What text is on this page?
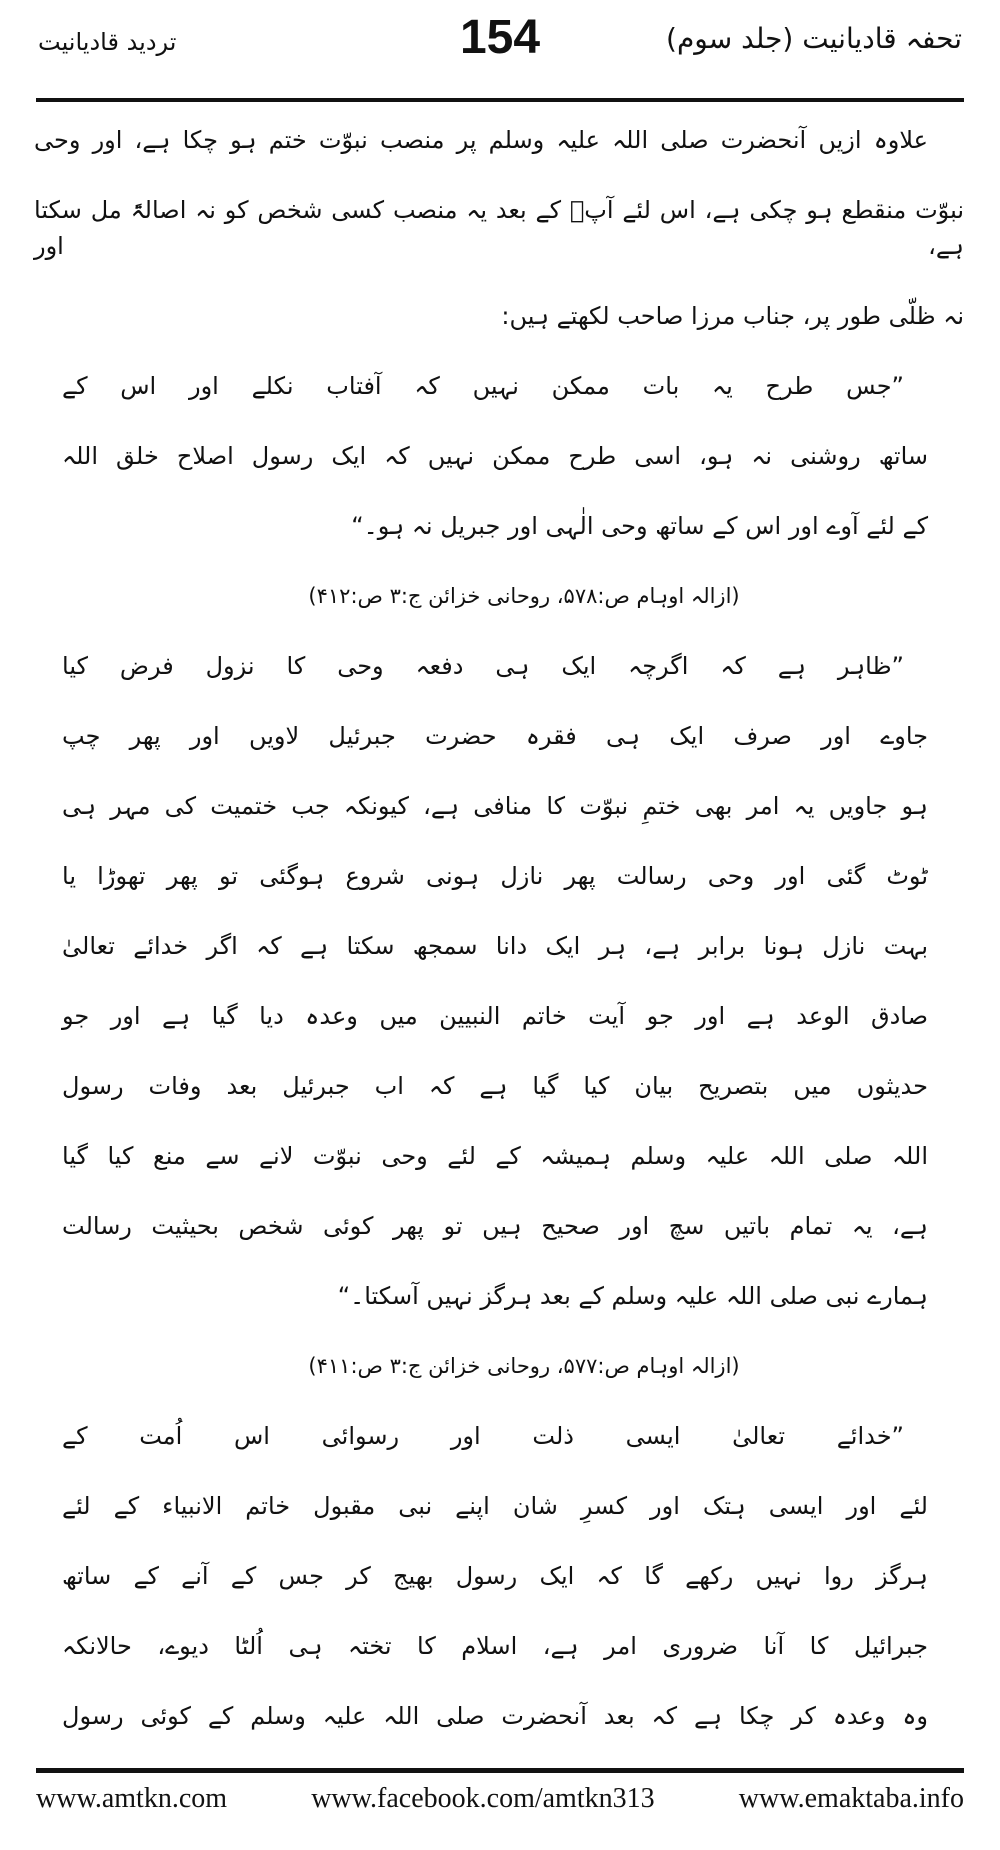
تحفہ قادیانیت (جلد سوم)
154
تردید قادیانیت
علاوہ ازیں آنحضرت صلی اللہ علیہ وسلم پر منصب نبوّت ختم ہو چکا ہے، اور وحی
نبوّت منقطع ہو چکی ہے، اس لئے آپؐ کے بعد یہ منصب کسی شخص کو نہ اصالۃً مل سکتا ہے، اور
نہ ظلّی طور پر، جناب مرزا صاحب لکھتے ہیں:
”جس طرح یہ بات ممکن نہیں کہ آفتاب نکلے اور اس کے
ساتھ روشنی نہ ہو، اسی طرح ممکن نہیں کہ ایک رسول اصلاح خلق اللہ
کے لئے آوے اور اس کے ساتھ وحی الٰہی اور جبریل نہ ہو۔“
(ازالہ اوہام ص:۵۷۸، روحانی خزائن ج:۳ ص:۴۱۲)
”ظاہر ہے کہ اگرچہ ایک ہی دفعہ وحی کا نزول فرض کیا
جاوے اور صرف ایک ہی فقرہ حضرت جبرئیل لاویں اور پھر چپ
ہو جاویں یہ امر بھی ختمِ نبوّت کا منافی ہے، کیونکہ جب ختمیت کی مہر ہی
ٹوٹ گئی اور وحی رسالت پھر نازل ہونی شروع ہوگئی تو پھر تھوڑا یا
بہت نازل ہونا برابر ہے، ہر ایک دانا سمجھ سکتا ہے کہ اگر خدائے تعالیٰ
صادق الوعد ہے اور جو آیت خاتم النبیین میں وعدہ دیا گیا ہے اور جو
حدیثوں میں بتصریح بیان کیا گیا ہے کہ اب جبرئیل بعد وفات رسول
اللہ صلی اللہ علیہ وسلم ہمیشہ کے لئے وحی نبوّت لانے سے منع کیا گیا
ہے، یہ تمام باتیں سچ اور صحیح ہیں تو پھر کوئی شخص بحیثیت رسالت
ہمارے نبی صلی اللہ علیہ وسلم کے بعد ہرگز نہیں آسکتا۔“
(ازالہ اوہام ص:۵۷۷، روحانی خزائن ج:۳ ص:۴۱۱)
”خدائے تعالیٰ ایسی ذلت اور رسوائی اس اُمت کے
لئے اور ایسی ہتک اور کسرِ شان اپنے نبی مقبول خاتم الانبیاء کے لئے
ہرگز روا نہیں رکھے گا کہ ایک رسول بھیج کر جس کے آنے کے ساتھ
جبرائیل کا آنا ضروری امر ہے، اسلام کا تختہ ہی اُلٹا دیوے، حالانکہ
وہ وعدہ کر چکا ہے کہ بعد آنحضرت صلی اللہ علیہ وسلم کے کوئی رسول
www.amtkn.com	www.facebook.com/amtkn313	www.emaktaba.info
